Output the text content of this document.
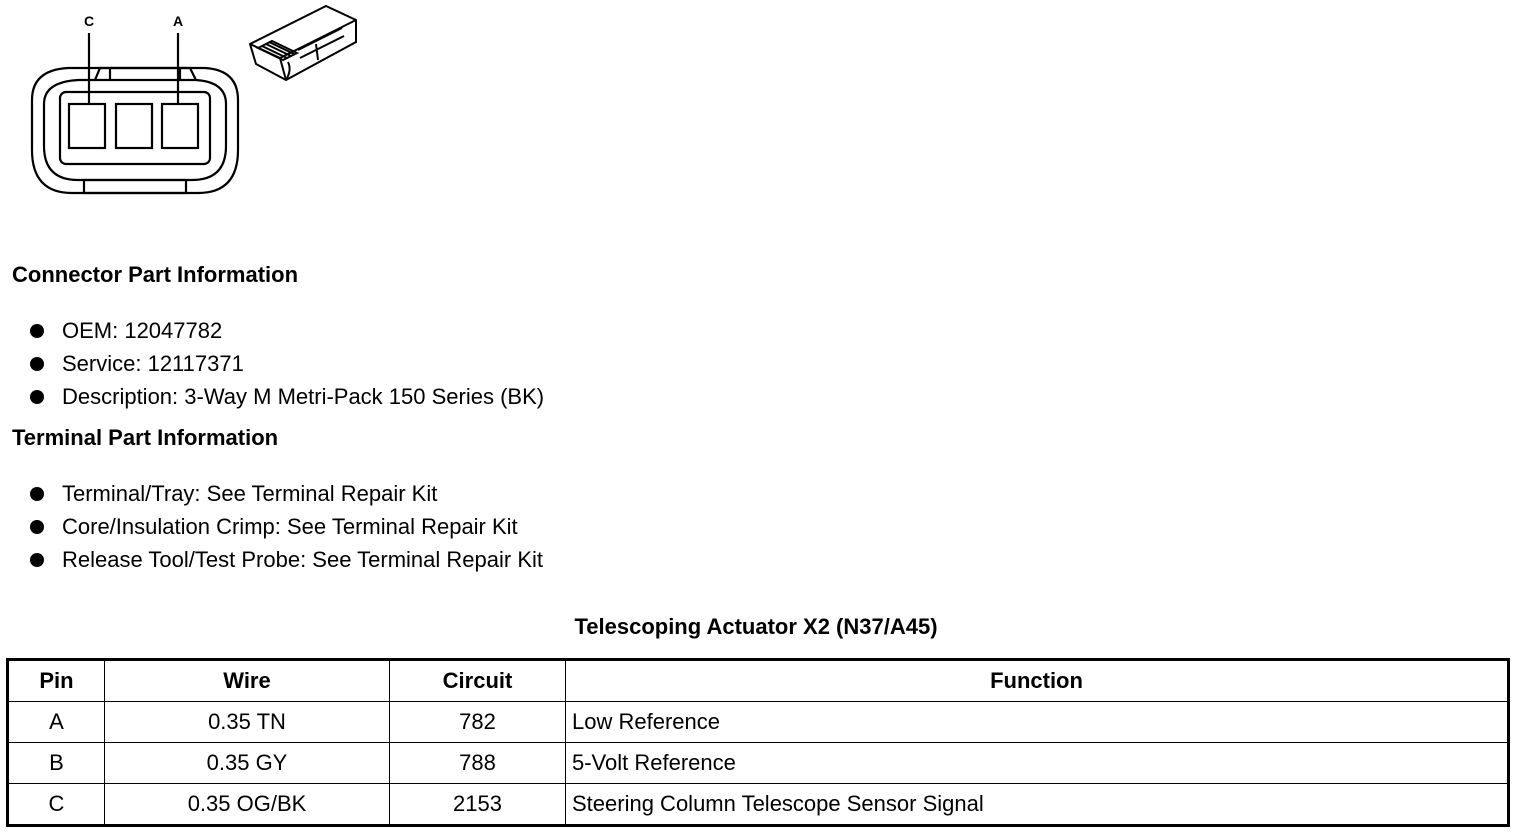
C	A
Connector Part Information
OEM: 12047782
Service: 12117371
Description: 3-Way M Metri-Pack 150 Series (BK)
Terminal Part Information
Terminal/Tray: See Terminal Repair Kit
Core/Insulation Crimp: See Terminal Repair Kit
Release Tool/Test Probe: See Terminal Repair Kit
Telescoping Actuator X2 (N37/A45)
Pin	Wire	Circuit	Function
A	0.35 TN	782	Low Reference
B	0.35 GY	788	5-Volt Reference
C	0.35 OG/BK	2153	Steering Column Telescope Sensor Signal
